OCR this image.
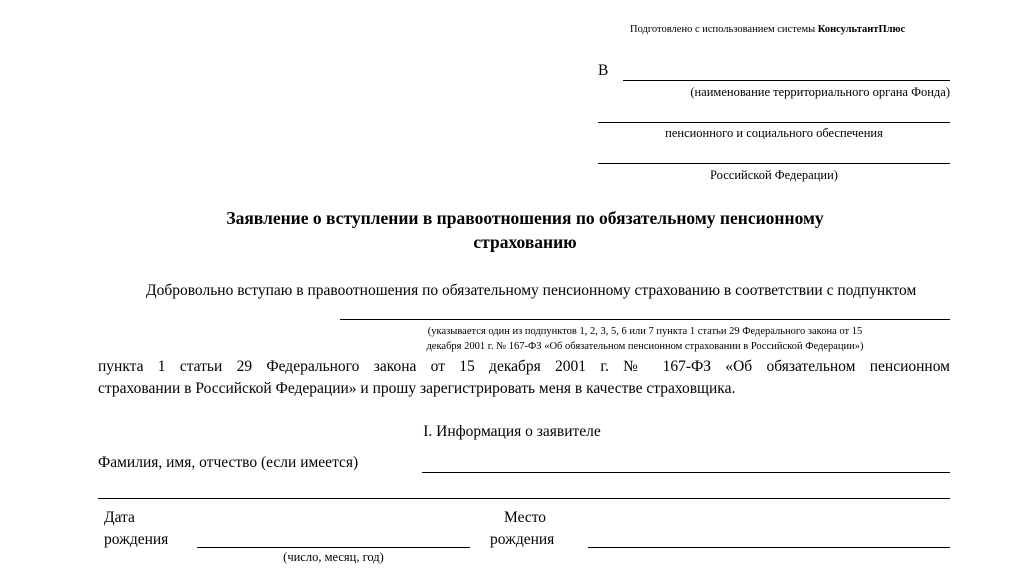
Подготовлено с использованием системы КонсультантПлюс
В
(наименование территориального органа Фонда)
пенсионного и социального обеспечения
Российской Федерации)
Заявление о вступлении в правоотношения по обязательному пенсионному
страхованию
Добровольно вступаю в правоотношения по обязательному пенсионному страхованию в соответствии с подпунктом
(указывается один из подпунктов 1, 2, 3, 5, 6 или 7 пункта 1 статьи 29 Федерального закона от 15
декабря 2001 г. № 167-ФЗ «Об обязательном пенсионном страховании в Российской Федерации»)
пункта 1 статьи 29 Федерального закона от 15 декабря 2001 г. № 167-ФЗ «Об обязательном пенсионном
страховании в Российской Федерации» и прошу зарегистрировать меня в качестве страховщика.
I. Информация о заявителе
Фамилия, имя, отчество (если имеется)
Дата
рождения
(число, месяц, год)
Место
рождения
